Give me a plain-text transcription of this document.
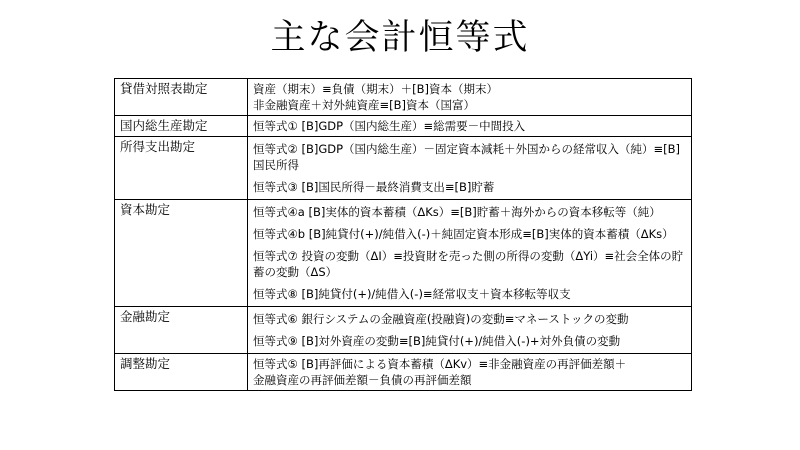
主な会計恒等式
貸借対照表勘定	資産（期末）≡負債（期末）＋[B]資本（期末）
非金融資産＋対外純資産≡[B]資本（国富）

国内総生産勘定	恒等式① [B]GDP（国内総生産）≡総需要－中間投入

所得支出勘定	恒等式② [B]GDP（国内総生産）－固定資本減耗＋外国からの経常収入（純）≡[B]国民所得
恒等式③ [B]国民所得－最終消費支出≡[B]貯蓄

資本勘定	恒等式④a [B]実体的資本蓄積（ΔKs）≡[B]貯蓄＋海外からの資本移転等（純）
恒等式④b [B]純貸付(+)/純借入(-)＋純固定資本形成≡[B]実体的資本蓄積（ΔKs）
恒等式⑦ 投資の変動（ΔI）≡投資財を売った側の所得の変動（ΔYi）≡社会全体の貯蓄の変動（ΔS）
恒等式⑧ [B]純貸付(+)/純借入(-)≡経常収支＋資本移転等収支

金融勘定	恒等式⑥ 銀行システムの金融資産(投融資)の変動≡マネーストックの変動
恒等式⑨ [B]対外資産の変動≡[B]純貸付(+)/純借入(-)+対外負債の変動

調整勘定	恒等式⑤ [B]再評価による資本蓄積（ΔKv）≡非金融資産の再評価差額＋
金融資産の再評価差額－負債の再評価差額
